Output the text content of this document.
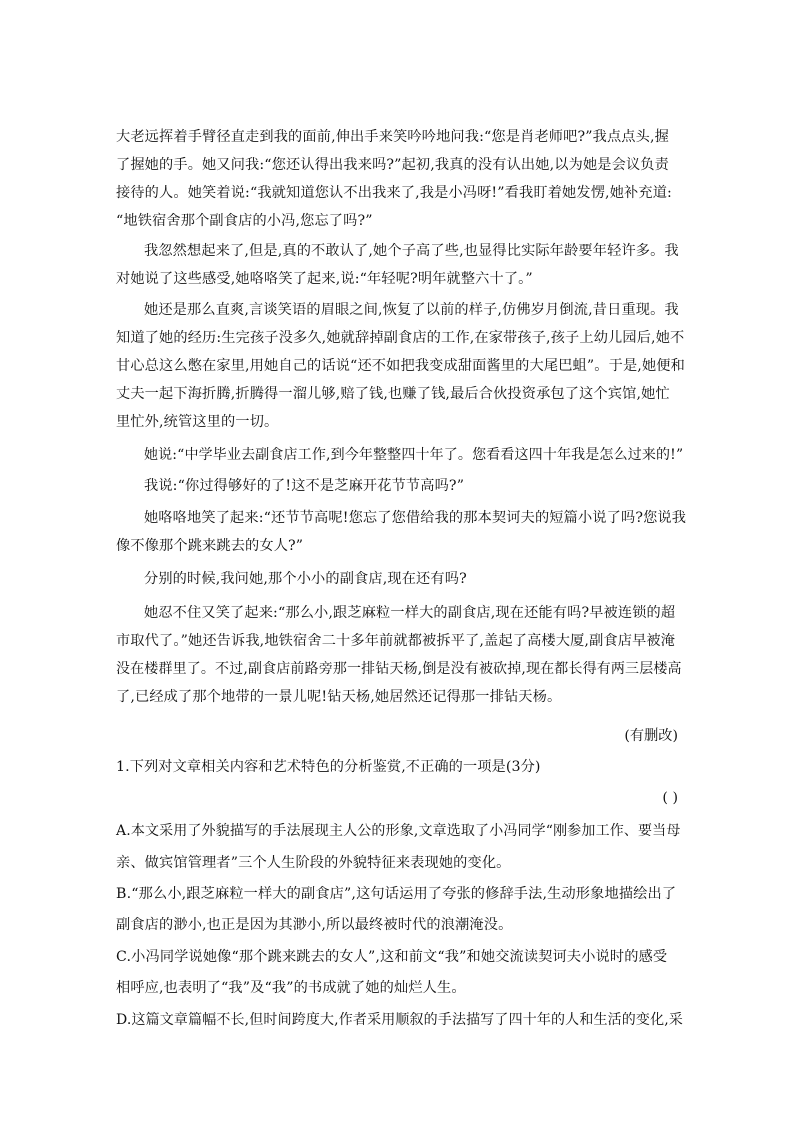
大老远挥着手臂径直走到我的面前,伸出手来笑吟吟地问我:“您是肖老师吧?”我点点头,握
了握她的手。她又问我:“您还认得出我来吗?”起初,我真的没有认出她,以为她是会议负责
接待的人。她笑着说:“我就知道您认不出我来了,我是小冯呀!”看我盯着她发愣,她补充道:
“地铁宿舍那个副食店的小冯,您忘了吗?”
我忽然想起来了,但是,真的不敢认了,她个子高了些,也显得比实际年龄要年轻许多。我
对她说了这些感受,她咯咯笑了起来,说:“年轻呢?明年就整六十了。”
她还是那么直爽,言谈笑语的眉眼之间,恢复了以前的样子,仿佛岁月倒流,昔日重现。我
知道了她的经历:生完孩子没多久,她就辞掉副食店的工作,在家带孩子,孩子上幼儿园后,她不
甘心总这么憋在家里,用她自己的话说“还不如把我变成甜面酱里的大尾巴蛆”。于是,她便和
丈夫一起下海折腾,折腾得一溜儿够,赔了钱,也赚了钱,最后合伙投资承包了这个宾馆,她忙
里忙外,统管这里的一切。
她说:“中学毕业去副食店工作,到今年整整四十年了。您看看这四十年我是怎么过来的!”
我说:“你过得够好的了!这不是芝麻开花节节高吗?”
她咯咯地笑了起来:“还节节高呢!您忘了您借给我的那本契诃夫的短篇小说了吗?您说我
像不像那个跳来跳去的女人?”
分别的时候,我问她,那个小小的副食店,现在还有吗?
她忍不住又笑了起来:“那么小,跟芝麻粒一样大的副食店,现在还能有吗?早被连锁的超
市取代了。”她还告诉我,地铁宿舍二十多年前就都被拆平了,盖起了高楼大厦,副食店早被淹
没在楼群里了。不过,副食店前路旁那一排钻天杨,倒是没有被砍掉,现在都长得有两三层楼高
了,已经成了那个地带的一景儿呢!钻天杨,她居然还记得那一排钻天杨。
(有删改)
1.下列对文章相关内容和艺术特色的分析鉴赏,不正确的一项是(3分)
( )
A.本文采用了外貌描写的手法展现主人公的形象,文章选取了小冯同学“刚参加工作、要当母
亲、做宾馆管理者”三个人生阶段的外貌特征来表现她的变化。
B.“那么小,跟芝麻粒一样大的副食店”,这句话运用了夸张的修辞手法,生动形象地描绘出了
副食店的渺小,也正是因为其渺小,所以最终被时代的浪潮淹没。
C.小冯同学说她像“那个跳来跳去的女人”,这和前文“我”和她交流读契诃夫小说时的感受
相呼应,也表明了“我”及“我”的书成就了她的灿烂人生。
D.这篇文章篇幅不长,但时间跨度大,作者采用顺叙的手法描写了四十年的人和生活的变化,采
